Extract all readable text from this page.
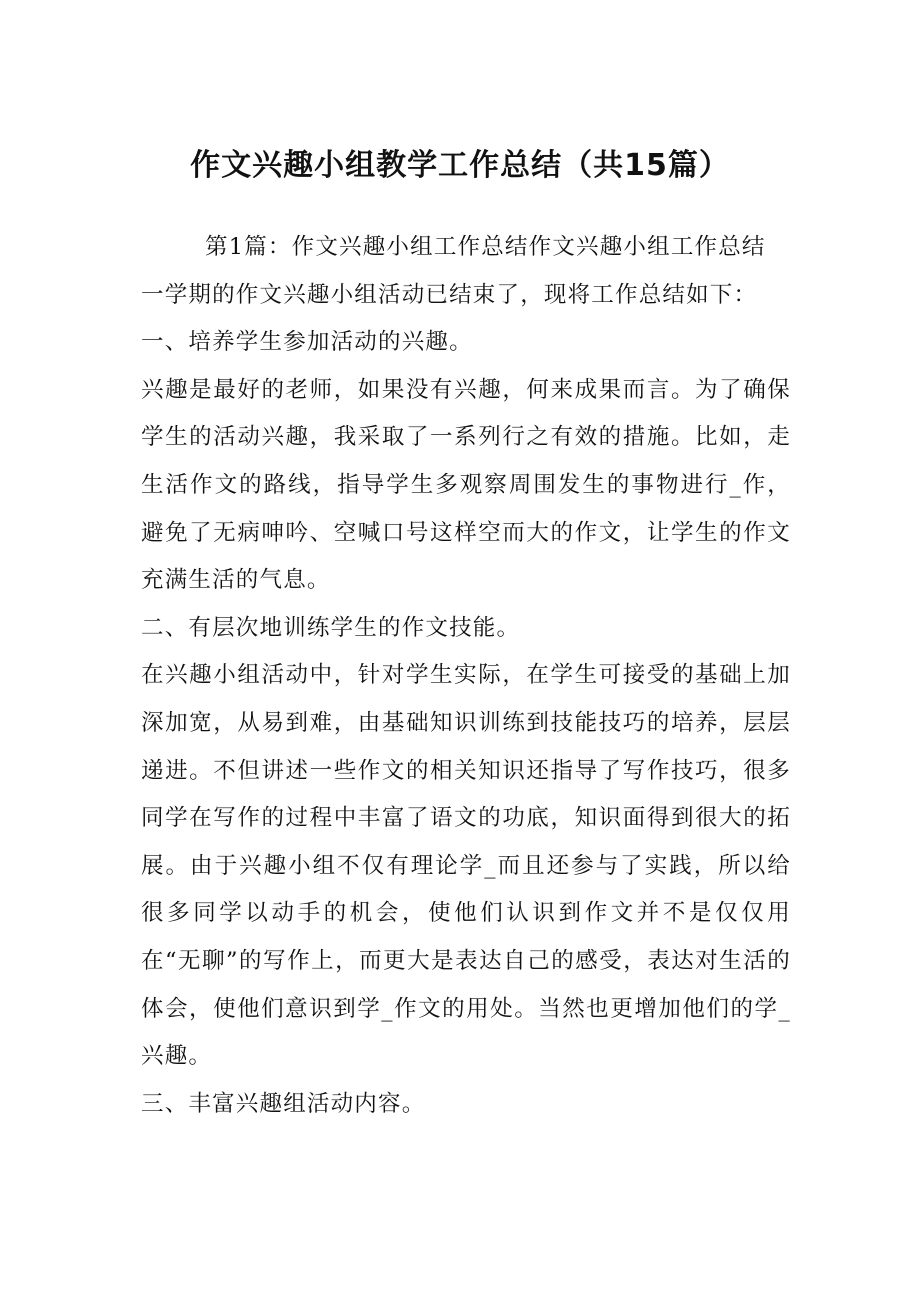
作文兴趣小组教学工作总结（共15篇）

第1篇：作文兴趣小组工作总结作文兴趣小组工作总结

一学期的作文兴趣小组活动已结束了，现将工作总结如下：

一、培养学生参加活动的兴趣。

兴趣是最好的老师，如果没有兴趣，何来成果而言。为了确保学生的活动兴趣，我采取了一系列行之有效的措施。比如，走生活作文的路线，指导学生多观察周围发生的事物进行_作，避免了无病呻吟、空喊口号这样空而大的作文，让学生的作文充满生活的气息。

二、有层次地训练学生的作文技能。

在兴趣小组活动中，针对学生实际，在学生可接受的基础上加深加宽，从易到难，由基础知识训练到技能技巧的培养，层层递进。不但讲述一些作文的相关知识还指导了写作技巧，很多同学在写作的过程中丰富了语文的功底，知识面得到很大的拓展。由于兴趣小组不仅有理论学_而且还参与了实践，所以给很多同学以动手的机会，使他们认识到作文并不是仅仅用在“无聊”的写作上，而更大是表达自己的感受，表达对生活的体会，使他们意识到学_作文的用处。当然也更增加他们的学_兴趣。

三、丰富兴趣组活动内容。
